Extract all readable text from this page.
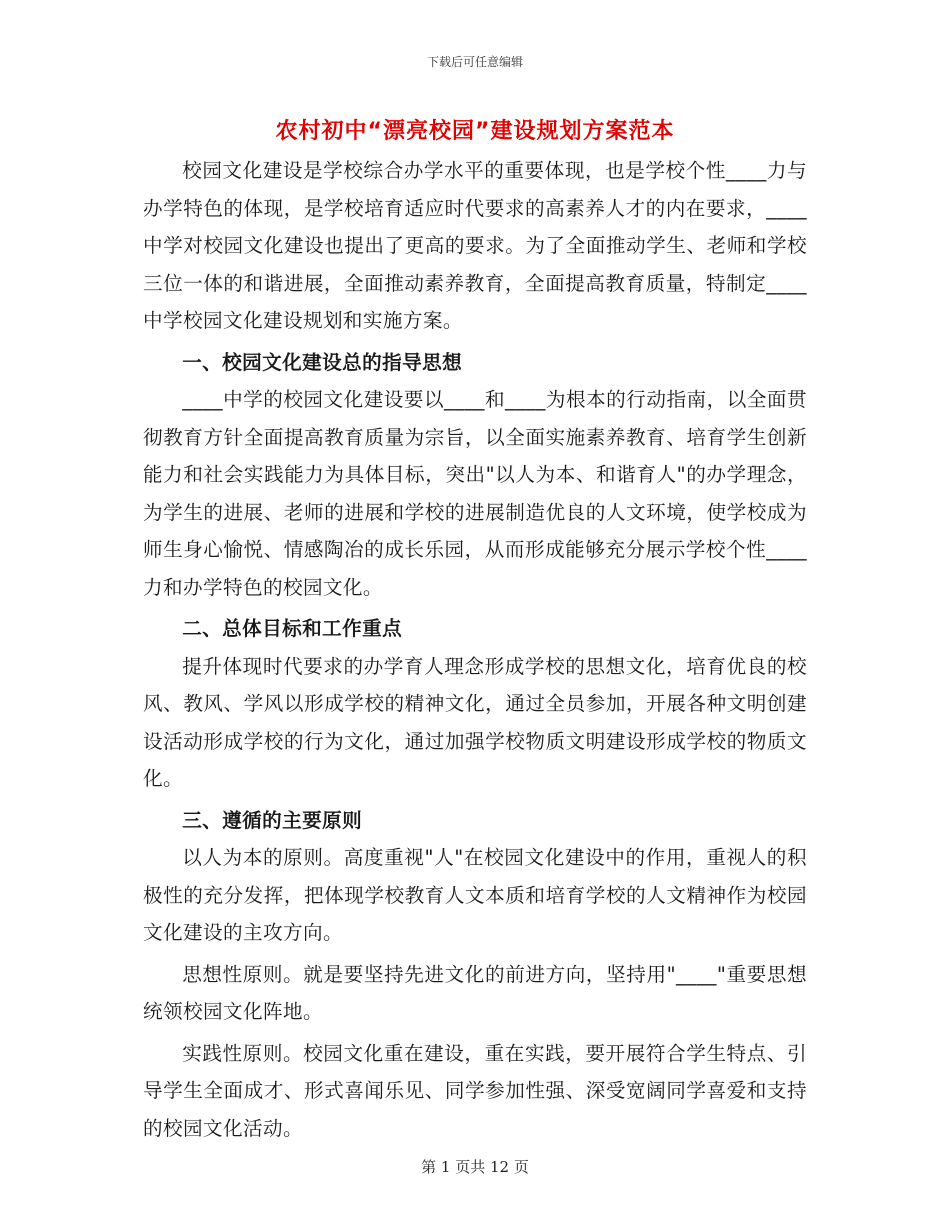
下载后可任意编辑
农村初中“漂亮校园”建设规划方案范本

校园文化建设是学校综合办学水平的重要体现，也是学校个性____力与办学特色的体现，是学校培育适应时代要求的高素养人才的内在要求，____中学对校园文化建设也提出了更高的要求。为了全面推动学生、老师和学校三位一体的和谐进展，全面推动素养教育，全面提高教育质量，特制定____中学校园文化建设规划和实施方案。

一、校园文化建设总的指导思想

____中学的校园文化建设要以____和____为根本的行动指南，以全面贯彻教育方针全面提高教育质量为宗旨，以全面实施素养教育、培育学生创新能力和社会实践能力为具体目标，突出"以人为本、和谐育人"的办学理念，为学生的进展、老师的进展和学校的进展制造优良的人文环境，使学校成为师生身心愉悦、情感陶冶的成长乐园，从而形成能够充分展示学校个性____力和办学特色的校园文化。

二、总体目标和工作重点

提升体现时代要求的办学育人理念形成学校的思想文化，培育优良的校风、教风、学风以形成学校的精神文化，通过全员参加，开展各种文明创建设活动形成学校的行为文化，通过加强学校物质文明建设形成学校的物质文化。

三、遵循的主要原则

以人为本的原则。高度重视"人"在校园文化建设中的作用，重视人的积极性的充分发挥，把体现学校教育人文本质和培育学校的人文精神作为校园文化建设的主攻方向。

思想性原则。就是要坚持先进文化的前进方向，坚持用"____"重要思想统领校园文化阵地。

实践性原则。校园文化重在建设，重在实践，要开展符合学生特点、引导学生全面成才、形式喜闻乐见、同学参加性强、深受宽阔同学喜爱和支持的校园文化活动。

第 1 页共 12 页
